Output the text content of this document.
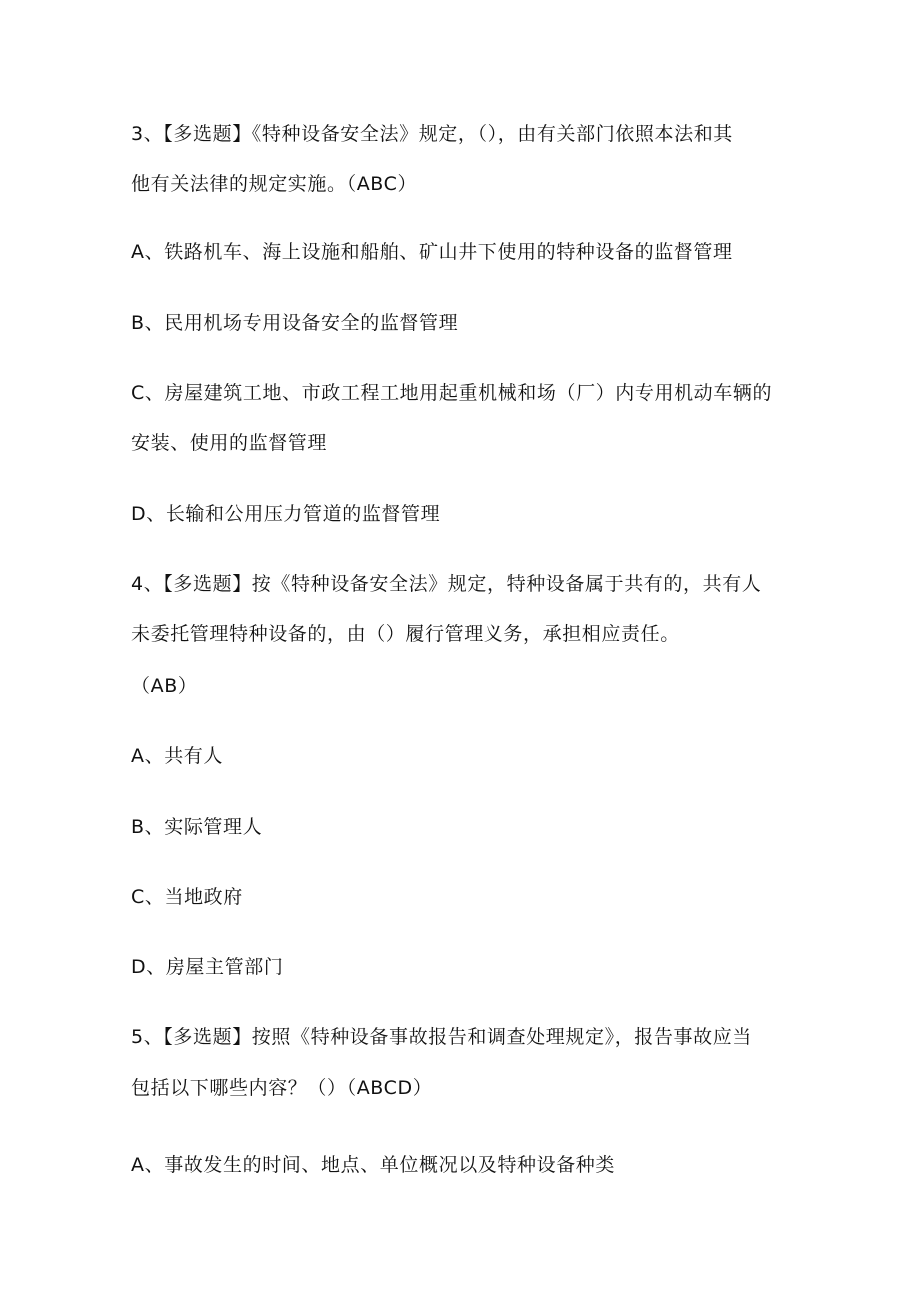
3、【多选题】《特种设备安全法》规定，（），由有关部门依照本法和其
他有关法律的规定实施。（ABC）
A、铁路机车、海上设施和船舶、矿山井下使用的特种设备的监督管理
B、民用机场专用设备安全的监督管理
C、房屋建筑工地、市政工程工地用起重机械和场（厂）内专用机动车辆的
安装、使用的监督管理
D、长输和公用压力管道的监督管理
4、【多选题】按《特种设备安全法》规定，特种设备属于共有的，共有人
未委托管理特种设备的，由（）履行管理义务，承担相应责任。
（AB）
A、共有人
B、实际管理人
C、当地政府
D、房屋主管部门
5、【多选题】按照《特种设备事故报告和调查处理规定》，报告事故应当
包括以下哪些内容？（）（ABCD）
A、事故发生的时间、地点、单位概况以及特种设备种类
